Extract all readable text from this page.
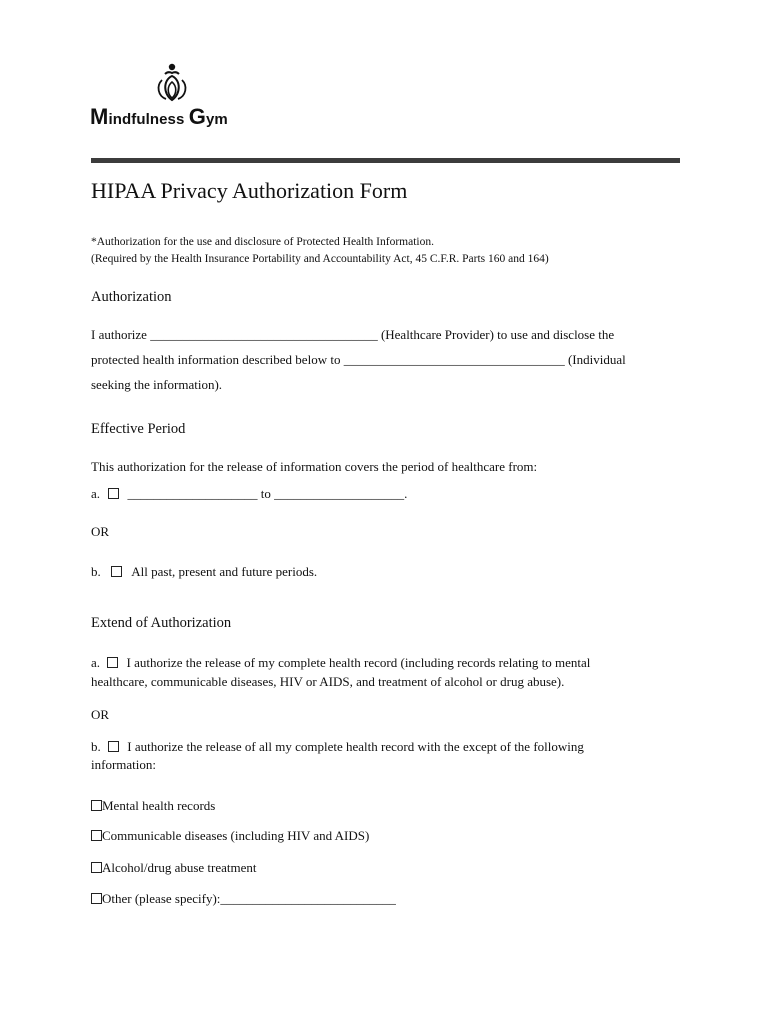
Mindfulness Gym
HIPAA Privacy Authorization Form
*Authorization for the use and disclosure of Protected Health Information.
(Required by the Health Insurance Portability and Accountability Act, 45 C.F.R. Parts 160 and 164)
Authorization
I authorize ___________________________________ (Healthcare Provider) to use and disclose the
protected health information described below to __________________________________ (Individual
seeking the information).
Effective Period
This authorization for the release of information covers the period of healthcare from:
a. ____________________ to ____________________.
OR
b. All past, present and future periods.
Extend of Authorization
a. I authorize the release of my complete health record (including records relating to mental
healthcare, communicable diseases, HIV or AIDS, and treatment of alcohol or drug abuse).
OR
b. I authorize the release of all my complete health record with the except of the following
information:
Mental health records
Communicable diseases (including HIV and AIDS)
Alcohol/drug abuse treatment
Other (please specify):___________________________
